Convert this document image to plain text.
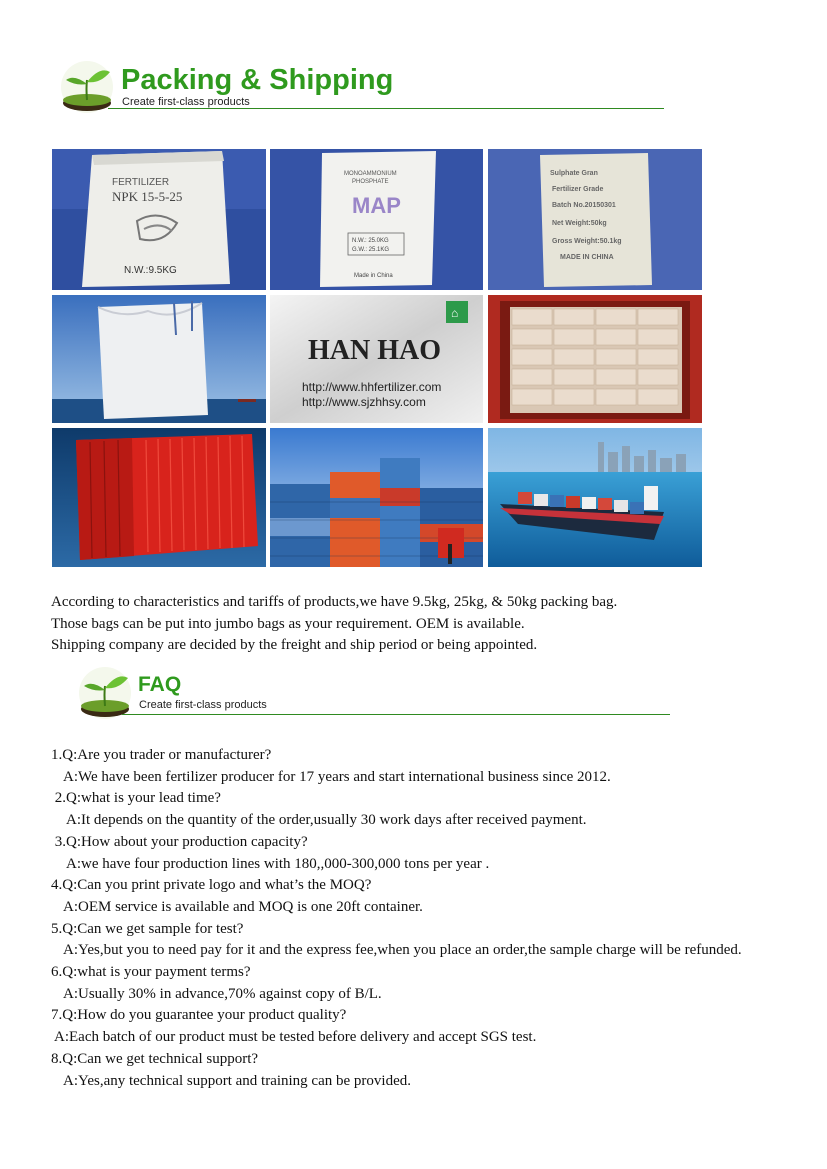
Packing & Shipping
Create first-class products
FERTILIZER
NPK 15-5-25
N.W.:9.5KG
MONOAMMONIUM
PHOSPHATE
MAP
N.W.: 25.0KG
G.W.: 25.1KG
Made in China
Sulphate Gran
Fertilizer Grade
Batch No.20150301
Net Weight:50kg
Gross Weight:50.1kg
MADE IN CHINA
⌂
HAN HAO
http://www.hhfertilizer.com
http://www.sjzhhsy.com
According to characteristics and tariffs of products,we have 9.5kg, 25kg, & 50kg packing bag.
Those bags can be put into jumbo bags as your requirement. OEM is available.
Shipping company are decided by the freight and ship period or being appointed.
FAQ
Create first-class products
1.Q:Are you trader or manufacturer?
A:We have been fertilizer producer for 17 years and start international business since 2012.
2.Q:what is your lead time?
A:It depends on the quantity of the order,usually 30 work days after received payment.
3.Q:How about your production capacity?
A:we have four production lines with 180,,000-300,000 tons per year .
4.Q:Can you print private logo and what’s the MOQ?
A:OEM service is available and MOQ is one 20ft container.
5.Q:Can we get sample for test?
A:Yes,but you to need pay for it and the express fee,when you place an order,the sample charge will be refunded.
6.Q:what is your payment terms?
A:Usually 30% in advance,70% against copy of B/L.
7.Q:How do you guarantee your product quality?
A:Each batch of our product must be tested before delivery and accept SGS test.
8.Q:Can we get technical support?
A:Yes,any technical support and training can be provided.
